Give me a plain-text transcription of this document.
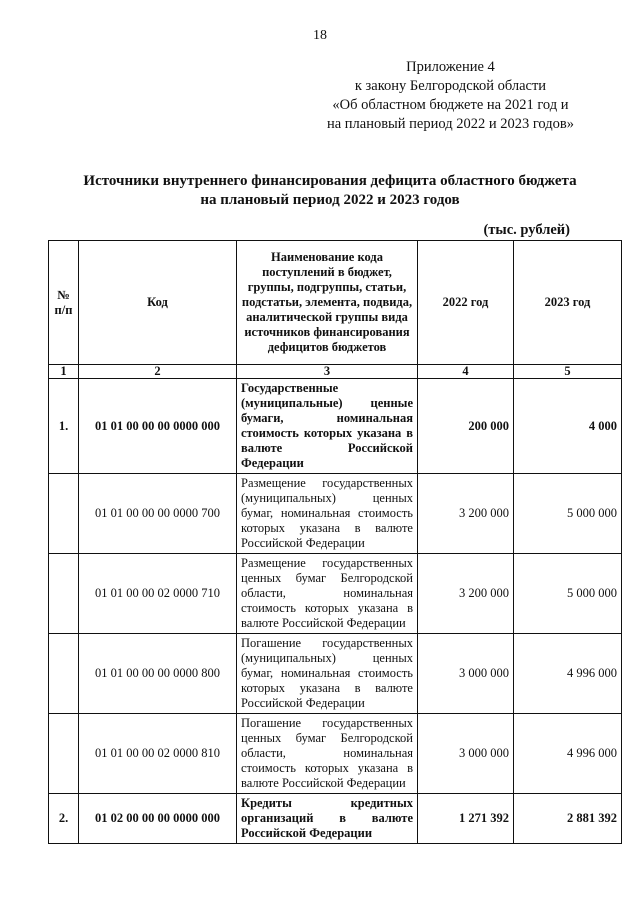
18
Приложение 4
к закону Белгородской области
«Об областном бюджете на 2021 год и
на плановый период 2022 и 2023 годов»
Источники внутреннего финансирования дефицита областного бюджета
на плановый период 2022 и 2023 годов
(тыс. рублей)
№ п/п	Код	Наименование кода поступлений в бюджет, группы, подгруппы, статьи, подстатьи, элемента, подвида, аналитической группы вида источников финансирования дефицитов бюджетов	2022 год	2023 год
1	2	3	4	5
1.	01 01 00 00 00 0000 000	Государственные (муниципальные) ценные бумаги, номинальная стоимость которых указана в валюте Российской Федерации	200 000	4 000
	01 01 00 00 00 0000 700	Размещение государственных (муниципальных) ценных бумаг, номинальная стоимость которых указана в валюте Российской Федерации	3 200 000	5 000 000
	01 01 00 00 02 0000 710	Размещение государственных ценных бумаг Белгородской области, номинальная стоимость которых указана в валюте Российской Федерации	3 200 000	5 000 000
	01 01 00 00 00 0000 800	Погашение государственных (муниципальных) ценных бумаг, номинальная стоимость которых указана в валюте Российской Федерации	3 000 000	4 996 000
	01 01 00 00 02 0000 810	Погашение государственных ценных бумаг Белгородской области, номинальная стоимость которых указана в валюте Российской Федерации	3 000 000	4 996 000
2.	01 02 00 00 00 0000 000	Кредиты кредитных организаций в валюте Российской Федерации	1 271 392	2 881 392
